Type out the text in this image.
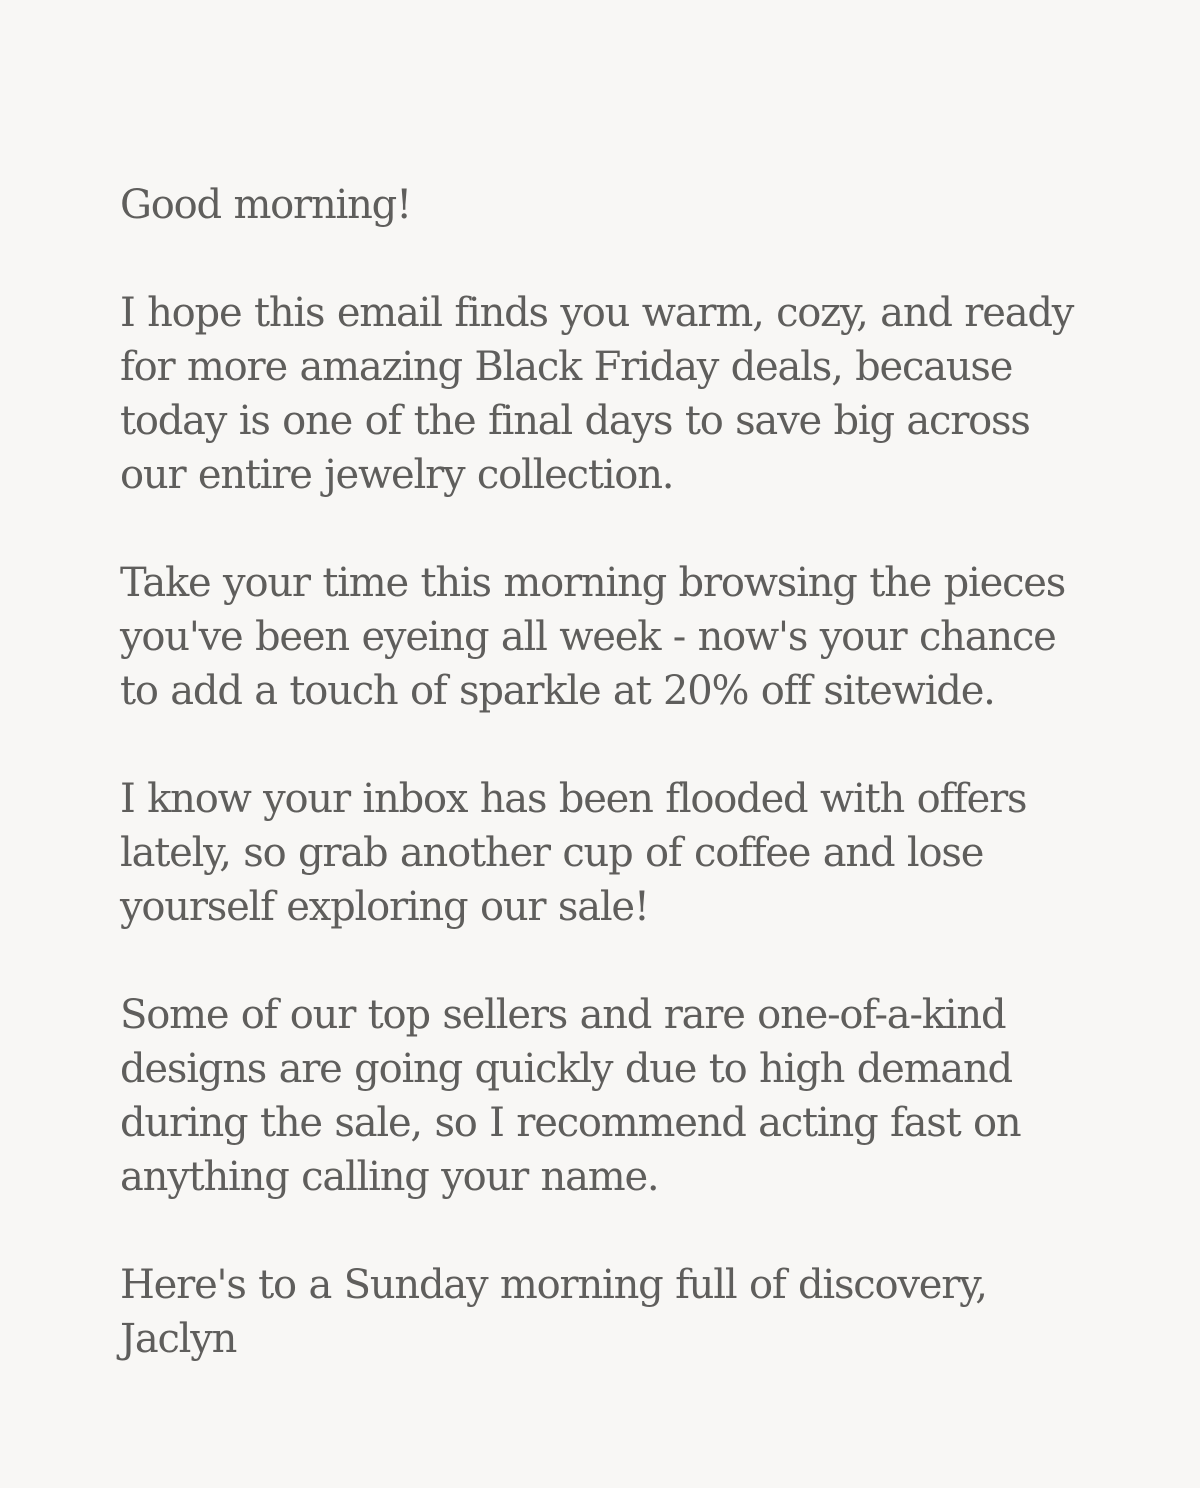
Good morning!

I hope this email finds you warm, cozy, and ready for more amazing Black Friday deals, because today is one of the final days to save big across our entire jewelry collection.

Take your time this morning browsing the pieces you've been eyeing all week - now's your chance to add a touch of sparkle at 20% off sitewide.

I know your inbox has been flooded with offers lately, so grab another cup of coffee and lose yourself exploring our sale!

Some of our top sellers and rare one-of-a-kind designs are going quickly due to high demand during the sale, so I recommend acting fast on anything calling your name.

Here's to a Sunday morning full of discovery,
Jaclyn
